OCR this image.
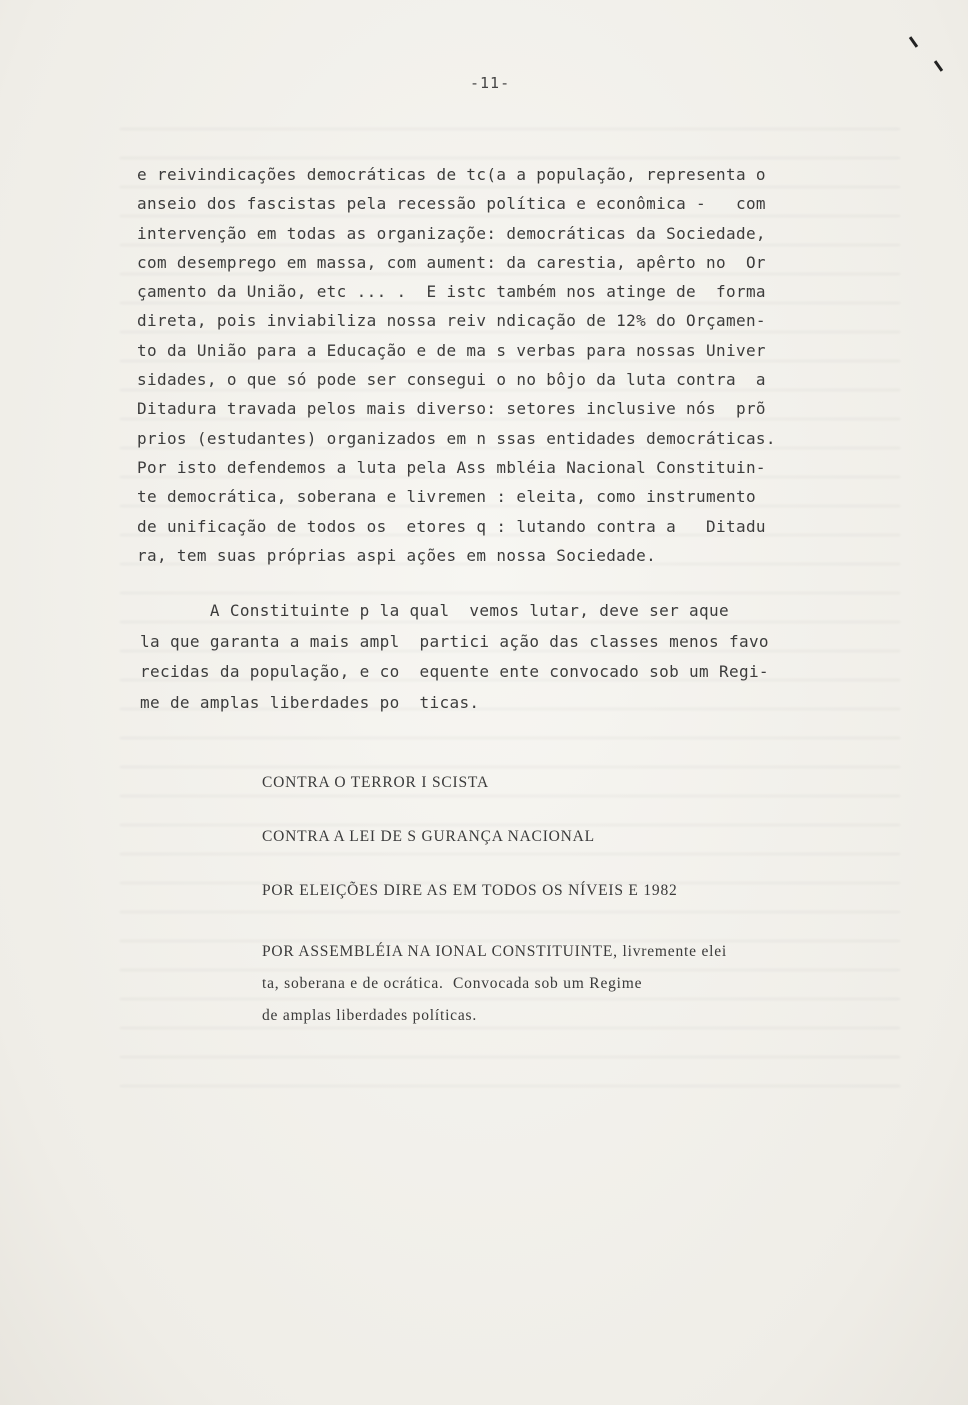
-11-
e reivindicações democráticas de tc(a a população, representa o
anseio dos fascistas pela recessão política e econômica -   com
intervenção em todas as organizaçõe: democráticas da Sociedade,
com desemprego em massa, com aument: da carestia, apêrto no  Or
çamento da União, etc ... .  E istc também nos atinge de  forma
direta, pois inviabiliza nossa reiv ndicação de 12% do Orçamen-
to da União para a Educação e de ma s verbas para nossas Univer
sidades, o que só pode ser consegui o no bôjo da luta contra  a
Ditadura travada pelos mais diverso: setores inclusive nós  prõ
prios (estudantes) organizados em n ssas entidades democráticas.
Por isto defendemos a luta pela Ass mbléia Nacional Constituin-
te democrática, soberana e livremen : eleita, como instrumento
de unificação de todos os  etores q : lutando contra a   Ditadu
ra, tem suas próprias aspi ações em nossa Sociedade.
A Constituinte p la qual  vemos lutar, deve ser aque
la que garanta a mais ampl  partici ação das classes menos favo
recidas da população, e co  equente ente convocado sob um Regi-
me de amplas liberdades po  ticas.
CONTRA O TERROR I SCISTA
CONTRA A LEI DE S GURANÇA NACIONAL
POR ELEIÇÕES DIRE AS EM TODOS OS NÍVEIS E 1982
POR ASSEMBLÉIA NA IONAL CONSTITUINTE, livremente elei
ta, soberana e de ocrática.  Convocada sob um Regime
de amplas liberdades políticas.
